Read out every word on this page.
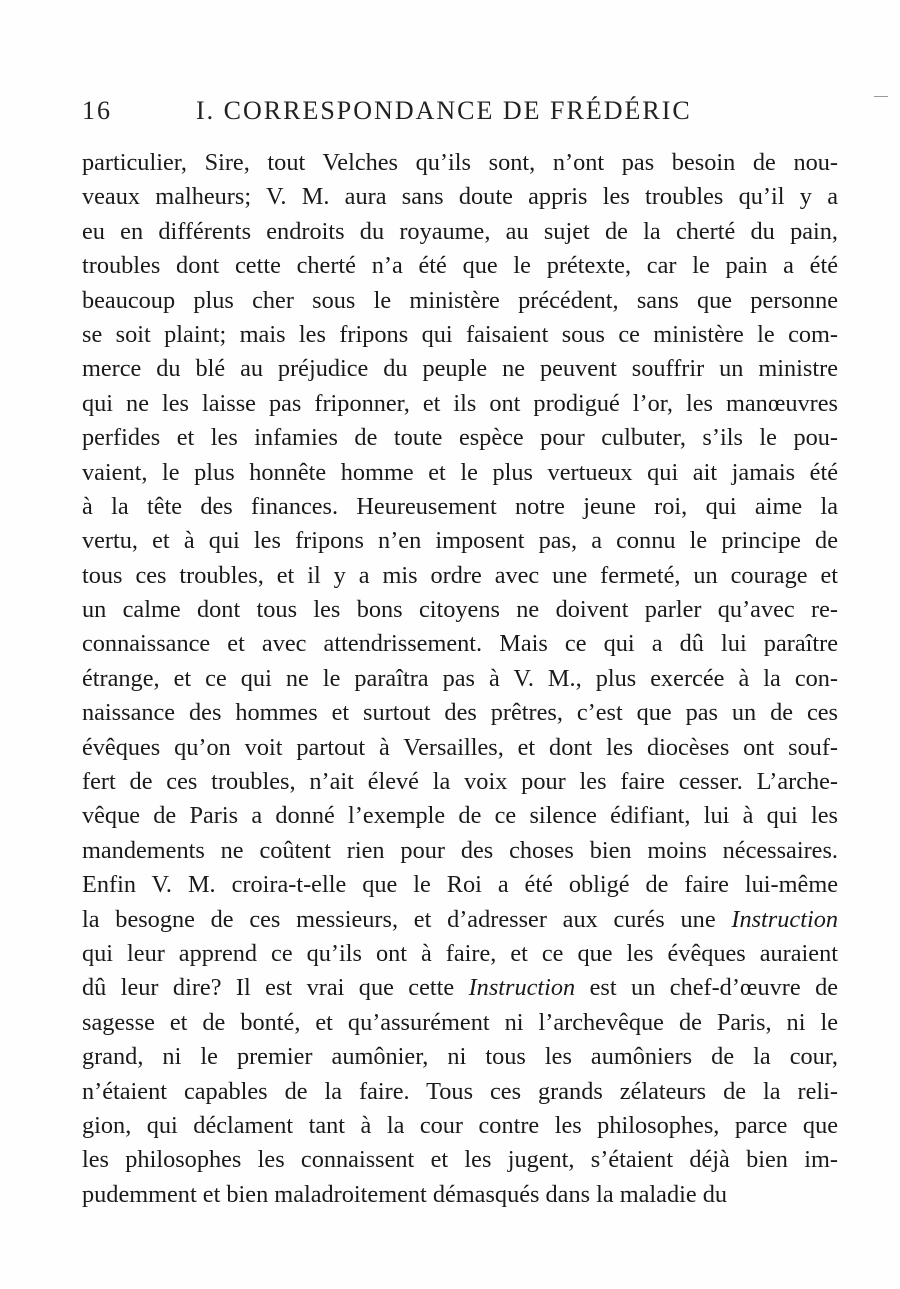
16	I. CORRESPONDANCE DE FRÉDÉRIC
particulier, Sire, tout Velches qu’ils sont, n’ont pas besoin de nou-
veaux malheurs; V. M. aura sans doute appris les troubles qu’il y a
eu en différents endroits du royaume, au sujet de la cherté du pain,
troubles dont cette cherté n’a été que le prétexte, car le pain a été
beaucoup plus cher sous le ministère précédent, sans que personne
se soit plaint; mais les fripons qui faisaient sous ce ministère le com-
merce du blé au préjudice du peuple ne peuvent souffrir un ministre
qui ne les laisse pas friponner, et ils ont prodigué l’or, les manœuvres
perfides et les infamies de toute espèce pour culbuter, s’ils le pou-
vaient, le plus honnête homme et le plus vertueux qui ait jamais été
à la tête des finances. Heureusement notre jeune roi, qui aime la
vertu, et à qui les fripons n’en imposent pas, a connu le principe de
tous ces troubles, et il y a mis ordre avec une fermeté, un courage et
un calme dont tous les bons citoyens ne doivent parler qu’avec re-
connaissance et avec attendrissement. Mais ce qui a dû lui paraître
étrange, et ce qui ne le paraîtra pas à V. M., plus exercée à la con-
naissance des hommes et surtout des prêtres, c’est que pas un de ces
évêques qu’on voit partout à Versailles, et dont les diocèses ont souf-
fert de ces troubles, n’ait élevé la voix pour les faire cesser. L’arche-
vêque de Paris a donné l’exemple de ce silence édifiant, lui à qui les
mandements ne coûtent rien pour des choses bien moins nécessaires.
Enfin V. M. croira-t-elle que le Roi a été obligé de faire lui-même
la besogne de ces messieurs, et d’adresser aux curés une Instruction
qui leur apprend ce qu’ils ont à faire, et ce que les évêques auraient
dû leur dire? Il est vrai que cette Instruction est un chef-d’œuvre de
sagesse et de bonté, et qu’assurément ni l’archevêque de Paris, ni le
grand, ni le premier aumônier, ni tous les aumôniers de la cour,
n’étaient capables de la faire. Tous ces grands zélateurs de la reli-
gion, qui déclament tant à la cour contre les philosophes, parce que
les philosophes les connaissent et les jugent, s’étaient déjà bien im-
pudemment et bien maladroitement démasqués dans la maladie du
